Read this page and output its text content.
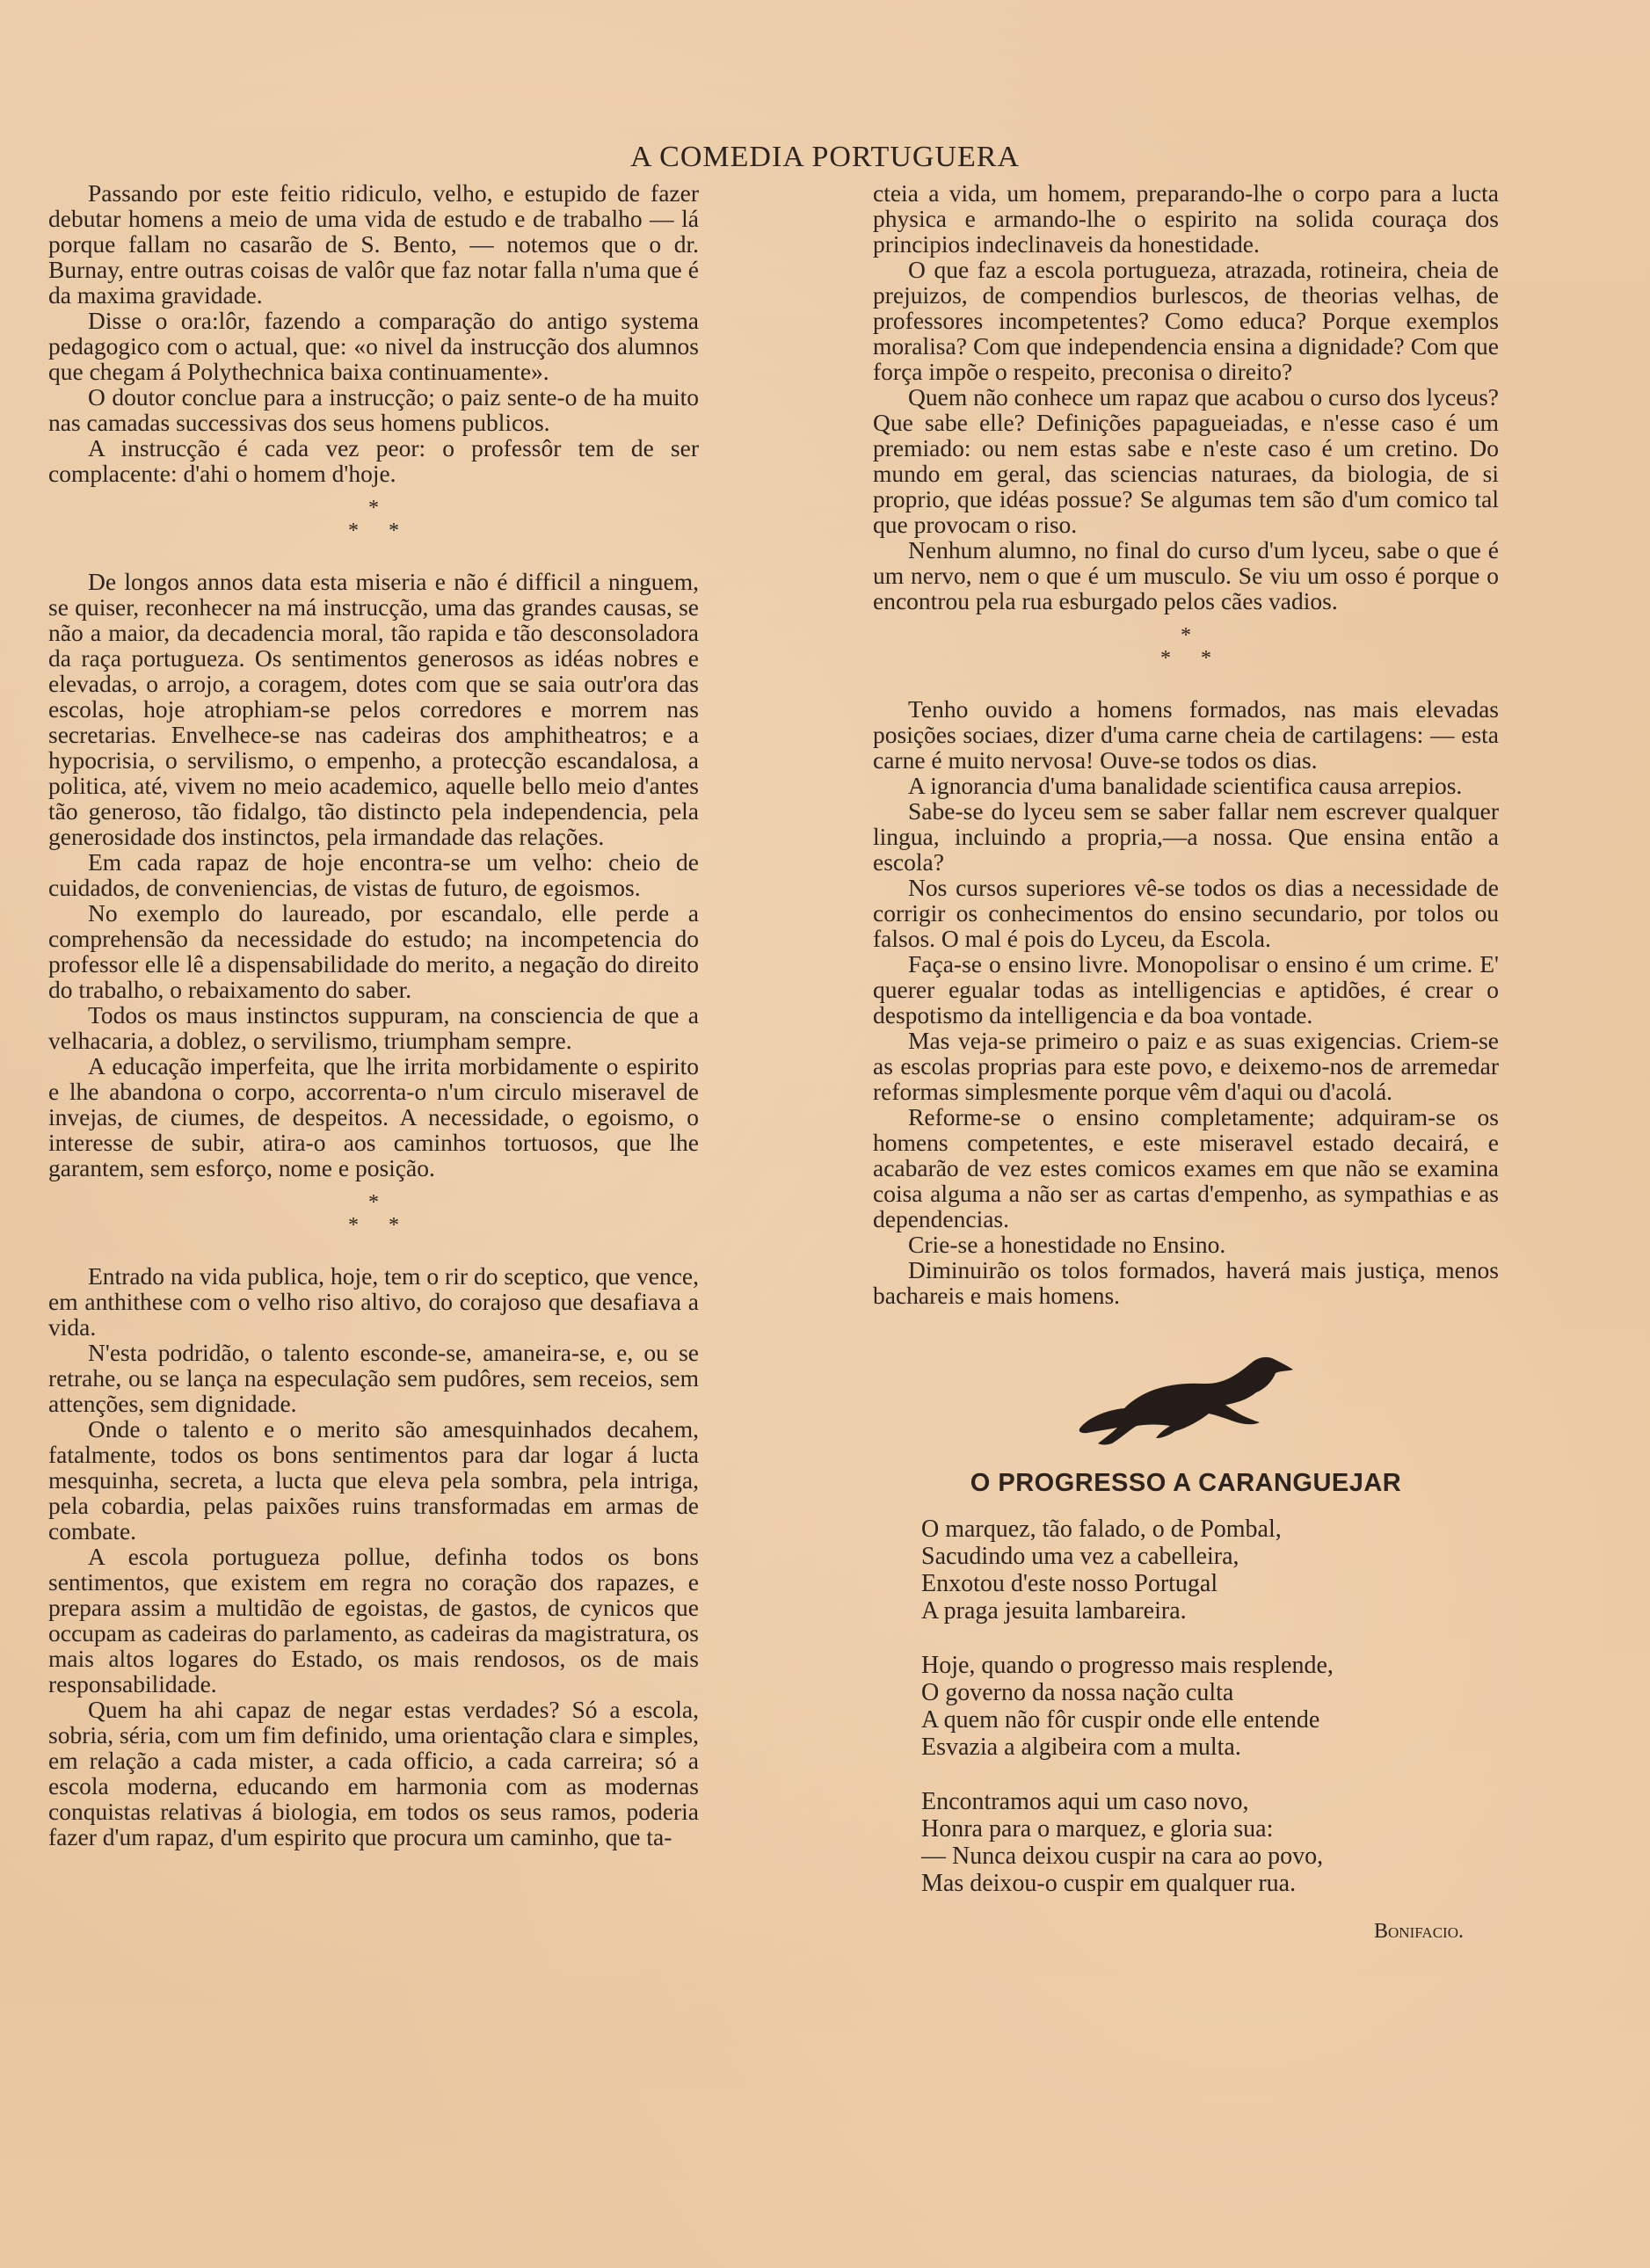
A COMEDIA PORTUGUERA

Passando por este feitio ridiculo, velho, e estupido de fazer debutar homens a meio de uma vida de estudo e de trabalho — lá porque fallam no casarão de S. Bento, — notemos que o dr. Burnay, entre outras coisas de valôr que faz notar falla n'uma que é da maxima gravidade.

Disse o ora:lôr, fazendo a comparação do antigo systema pedagogico com o actual, que: «o nivel da instrucção dos alumnos que chegam á Polythechnica baixa continuamente».

O doutor conclue para a instrucção; o paiz sente-o de ha muito nas camadas successivas dos seus homens publicos.

A instrucção é cada vez peor: o professôr tem de ser complacente: d'ahi o homem d'hoje.

*
* *

De longos annos data esta miseria e não é difficil a ninguem, se quiser, reconhecer na má instrucção, uma das grandes causas, se não a maior, da decadencia moral, tão rapida e tão desconsoladora da raça portugueza. Os sentimentos generosos as idéas nobres e elevadas, o arrojo, a coragem, dotes com que se saia outr'ora das escolas, hoje atrophiam-se pelos corredores e morrem nas secretarias. Envelhece-se nas cadeiras dos amphitheatros; e a hypocrisia, o servilismo, o empenho, a protecção escandalosa, a politica, até, vivem no meio academico, aquelle bello meio d'antes tão generoso, tão fidalgo, tão distincto pela independencia, pela generosidade dos instinctos, pela irmandade das relações.

Em cada rapaz de hoje encontra-se um velho: cheio de cuidados, de conveniencias, de vistas de futuro, de egoismos.

No exemplo do laureado, por escandalo, elle perde a comprehensão da necessidade do estudo; na incompetencia do professor elle lê a dispensabilidade do merito, a negação do direito do trabalho, o rebaixamento do saber.

Todos os maus instinctos suppuram, na consciencia de que a velhacaria, a doblez, o servilismo, triumpham sempre.

A educação imperfeita, que lhe irrita morbidamente o espirito e lhe abandona o corpo, accorrenta-o n'um circulo miseravel de invejas, de ciumes, de despeitos. A necessidade, o egoismo, o interesse de subir, atira-o aos caminhos tortuosos, que lhe garantem, sem esforço, nome e posição.

*
* *

Entrado na vida publica, hoje, tem o rir do sceptico, que vence, em anthithese com o velho riso altivo, do corajoso que desafiava a vida.

N'esta podridão, o talento esconde-se, amaneira-se, e, ou se retrahe, ou se lança na especulação sem pudôres, sem receios, sem attenções, sem dignidade.

Onde o talento e o merito são amesquinhados decahem, fatalmente, todos os bons sentimentos para dar logar á lucta mesquinha, secreta, a lucta que eleva pela sombra, pela intriga, pela cobardia, pelas paixões ruins transformadas em armas de combate.

A escola portugueza pollue, definha todos os bons sentimentos, que existem em regra no coração dos rapazes, e prepara assim a multidão de egoistas, de gastos, de cynicos que occupam as cadeiras do parlamento, as cadeiras da magistratura, os mais altos logares do Estado, os mais rendosos, os de mais responsabilidade.

Quem ha ahi capaz de negar estas verdades? Só a escola, sobria, séria, com um fim definido, uma orientação clara e simples, em relação a cada mister, a cada officio, a cada carreira; só a escola moderna, educando em harmonia com as modernas conquistas relativas á biologia, em todos os seus ramos, poderia fazer d'um rapaz, d'um espirito que procura um caminho, que ta-

cteia a vida, um homem, preparando-lhe o corpo para a lucta physica e armando-lhe o espirito na solida couraça dos principios indeclinaveis da honestidade.

O que faz a escola portugueza, atrazada, rotineira, cheia de prejuizos, de compendios burlescos, de theorias velhas, de professores incompetentes? Como educa? Porque exemplos moralisa? Com que independencia ensina a dignidade? Com que força impõe o respeito, preconisa o direito?

Quem não conhece um rapaz que acabou o curso dos lyceus? Que sabe elle? Definições papagueiadas, e n'esse caso é um premiado: ou nem estas sabe e n'este caso é um cretino. Do mundo em geral, das sciencias naturaes, da biologia, de si proprio, que idéas possue? Se algumas tem são d'um comico tal que provocam o riso.

Nenhum alumno, no final do curso d'um lyceu, sabe o que é um nervo, nem o que é um musculo. Se viu um osso é porque o encontrou pela rua esburgado pelos cães vadios.

*
* *

Tenho ouvido a homens formados, nas mais elevadas posições sociaes, dizer d'uma carne cheia de cartilagens: — esta carne é muito nervosa! Ouve-se todos os dias.

A ignorancia d'uma banalidade scientifica causa arrepios.

Sabe-se do lyceu sem se saber fallar nem escrever qualquer lingua, incluindo a propria,—a nossa. Que ensina então a escola?

Nos cursos superiores vê-se todos os dias a necessidade de corrigir os conhecimentos do ensino secundario, por tolos ou falsos. O mal é pois do Lyceu, da Escola.

Faça-se o ensino livre. Monopolisar o ensino é um crime. E' querer egualar todas as intelligencias e aptidões, é crear o despotismo da intelligencia e da boa vontade.

Mas veja-se primeiro o paiz e as suas exigencias. Criem-se as escolas proprias para este povo, e deixemo-nos de arremedar reformas simplesmente porque vêm d'aqui ou d'acolá.

Reforme-se o ensino completamente; adquiram-se os homens competentes, e este miseravel estado decairá, e acabarão de vez estes comicos exames em que não se examina coisa alguma a não ser as cartas d'empenho, as sympathias e as dependencias.

Crie-se a honestidade no Ensino.

Diminuirão os tolos formados, haverá mais justiça, menos bachareis e mais homens.

O PROGRESSO A CARANGUEJAR
O marquez, tão falado, o de Pombal,
Sacudindo uma vez a cabelleira,
Enxotou d'este nosso Portugal
A praga jesuita lambareira.
Hoje, quando o progresso mais resplende,
O governo da nossa nação culta
A quem não fôr cuspir onde elle entende
Esvazia a algibeira com a multa.
Encontramos aqui um caso novo,
Honra para o marquez, e gloria sua:
— Nunca deixou cuspir na cara ao povo,
Mas deixou-o cuspir em qualquer rua.
Bonifacio.
